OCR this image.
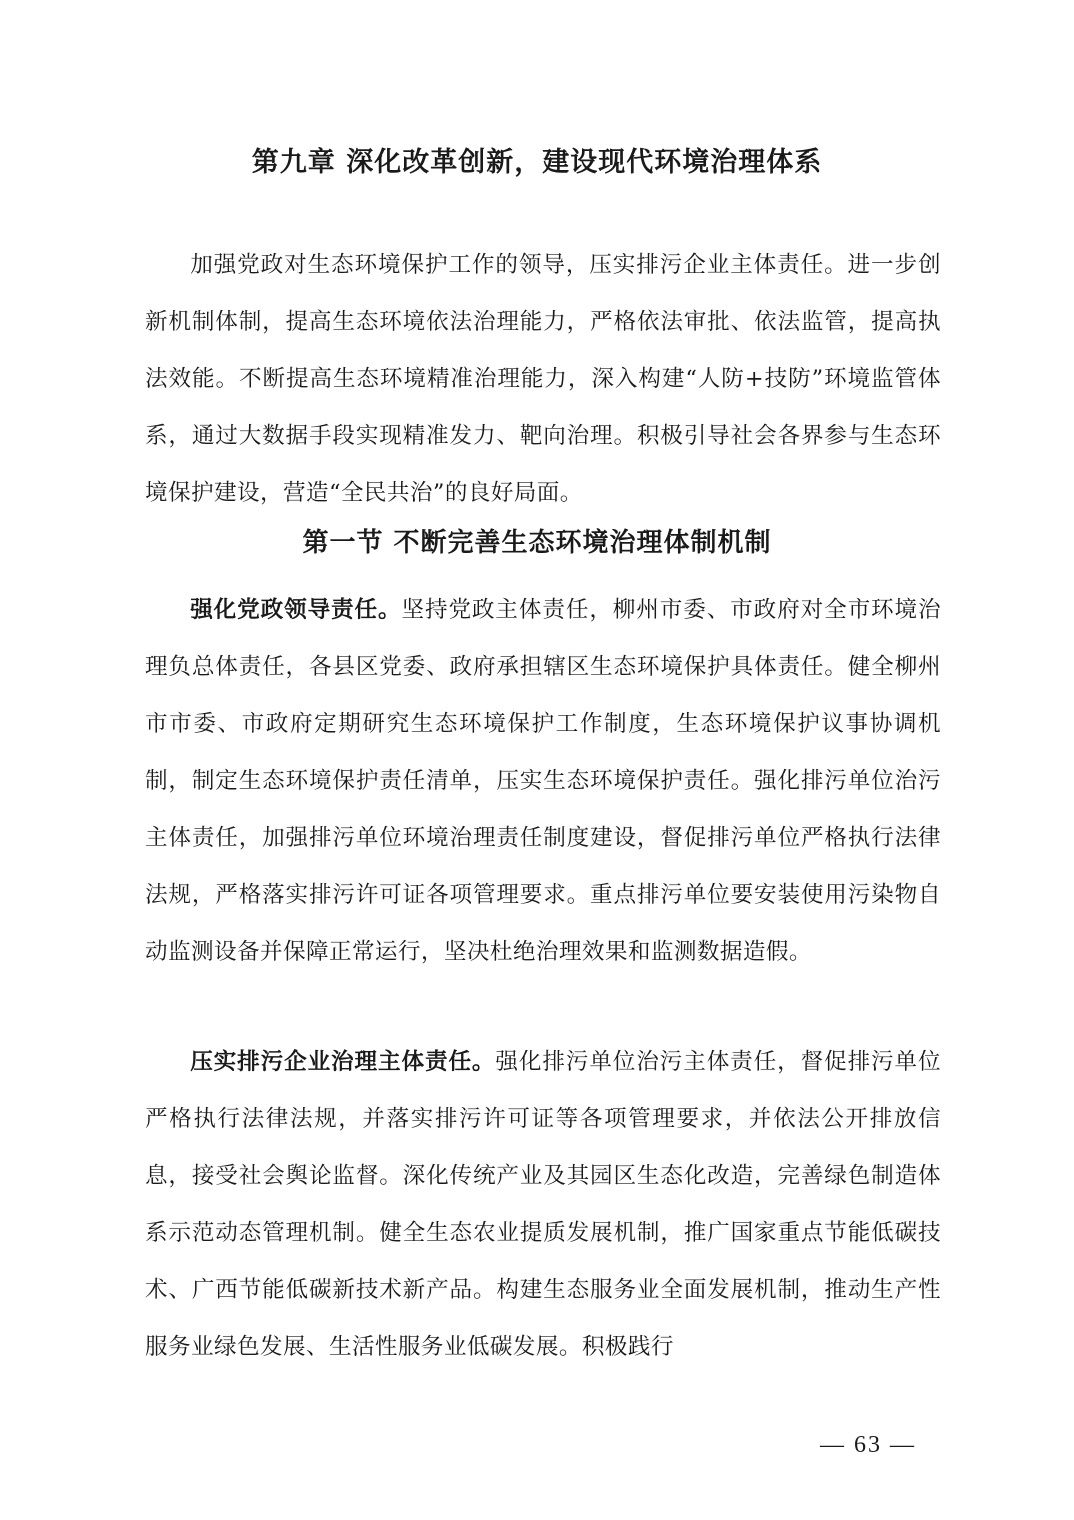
第九章 深化改革创新，建设现代环境治理体系

加强党政对生态环境保护工作的领导，压实排污企业主体责任。进一步创新机制体制，提高生态环境依法治理能力，严格依法审批、依法监管，提高执法效能。不断提高生态环境精准治理能力，深入构建“人防+技防”环境监管体系，通过大数据手段实现精准发力、靶向治理。积极引导社会各界参与生态环境保护建设，营造“全民共治”的良好局面。

第一节 不断完善生态环境治理体制机制

强化党政领导责任。坚持党政主体责任，柳州市委、市政府对全市环境治理负总体责任，各县区党委、政府承担辖区生态环境保护具体责任。健全柳州市市委、市政府定期研究生态环境保护工作制度，生态环境保护议事协调机制，制定生态环境保护责任清单，压实生态环境保护责任。强化排污单位治污主体责任，加强排污单位环境治理责任制度建设，督促排污单位严格执行法律法规，严格落实排污许可证各项管理要求。重点排污单位要安装使用污染物自动监测设备并保障正常运行，坚决杜绝治理效果和监测数据造假。

压实排污企业治理主体责任。强化排污单位治污主体责任，督促排污单位严格执行法律法规，并落实排污许可证等各项管理要求，并依法公开排放信息，接受社会舆论监督。深化传统产业及其园区生态化改造，完善绿色制造体系示范动态管理机制。健全生态农业提质发展机制，推广国家重点节能低碳技术、广西节能低碳新技术新产品。构建生态服务业全面发展机制，推动生产性服务业绿色发展、生活性服务业低碳发展。积极践行

— 63 —
